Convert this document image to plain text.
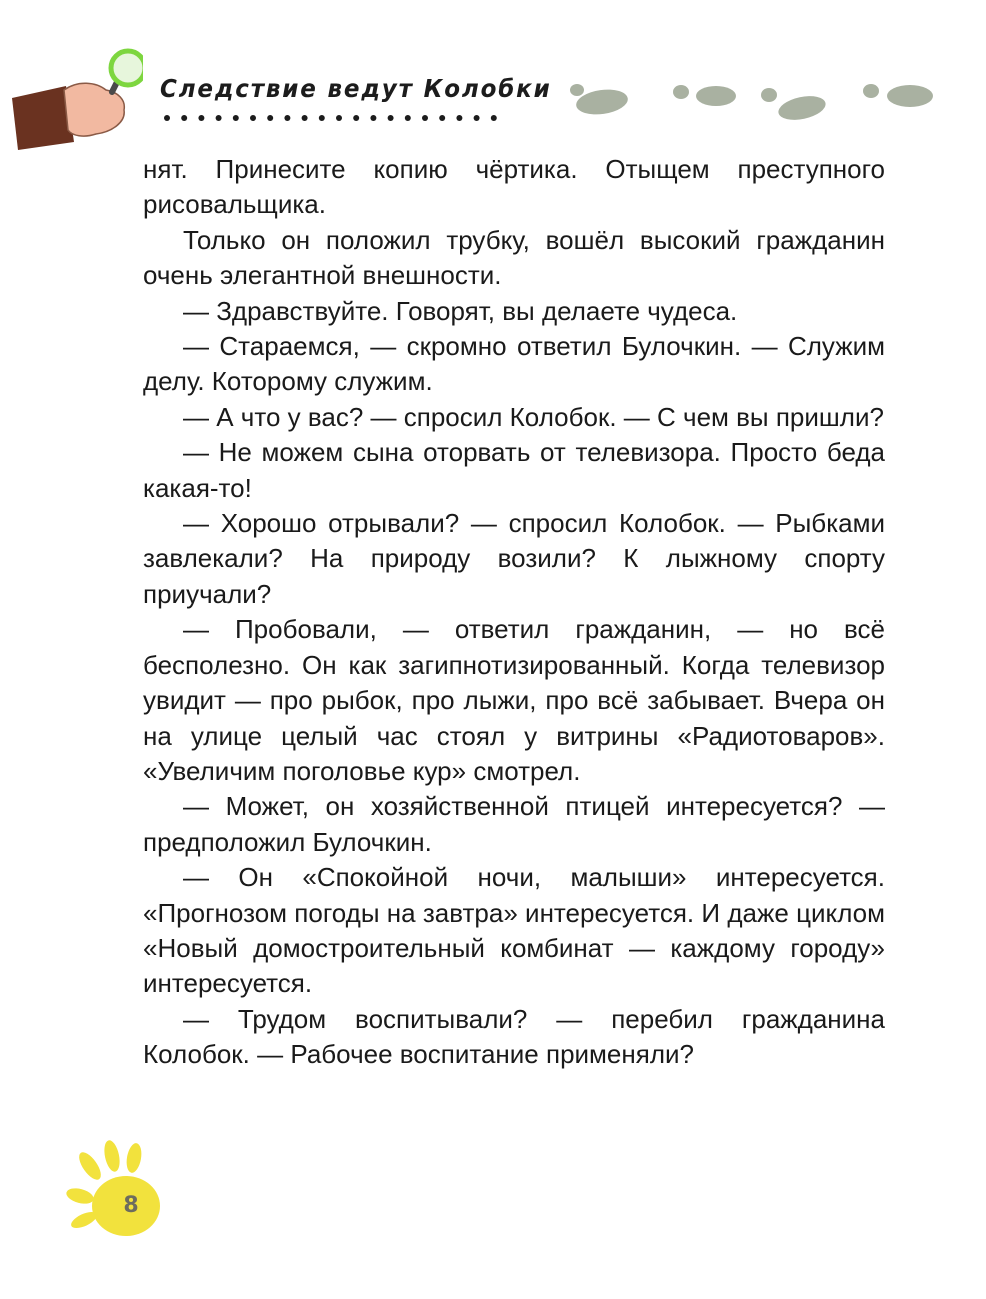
Следствие ведут Колобки

нят. Принесите копию чёртика. Отыщем преступного рисовальщика.

Только он положил трубку, вошёл высокий гражданин очень элегантной внешности.

— Здравствуйте. Говорят, вы делаете чудеса.

— Стараемся, — скромно ответил Булочкин. — Служим делу. Которому служим.

— А что у вас? — спросил Колобок. — С чем вы пришли?

— Не можем сына оторвать от телевизора. Просто беда какая-то!

— Хорошо отрывали? — спросил Колобок. — Рыбками завлекали? На природу возили? К лыжному спорту приучали?

— Пробовали, — ответил гражданин, — но всё бесполезно. Он как загипнотизированный. Когда телевизор увидит — про рыбок, про лыжи, про всё забывает. Вчера он на улице целый час стоял у витрины «Радиотоваров». «Увеличим поголовье кур» смотрел.

— Может, он хозяйственной птицей интересуется? — предположил Булочкин.

— Он «Спокойной ночи, малыши» интересуется. «Прогнозом погоды на завтра» интересуется. И даже циклом «Новый домостроительный комбинат — каждому городу» интересуется.

— Трудом воспитывали? — перебил гражданина Колобок. — Рабочее воспитание применяли?

8
